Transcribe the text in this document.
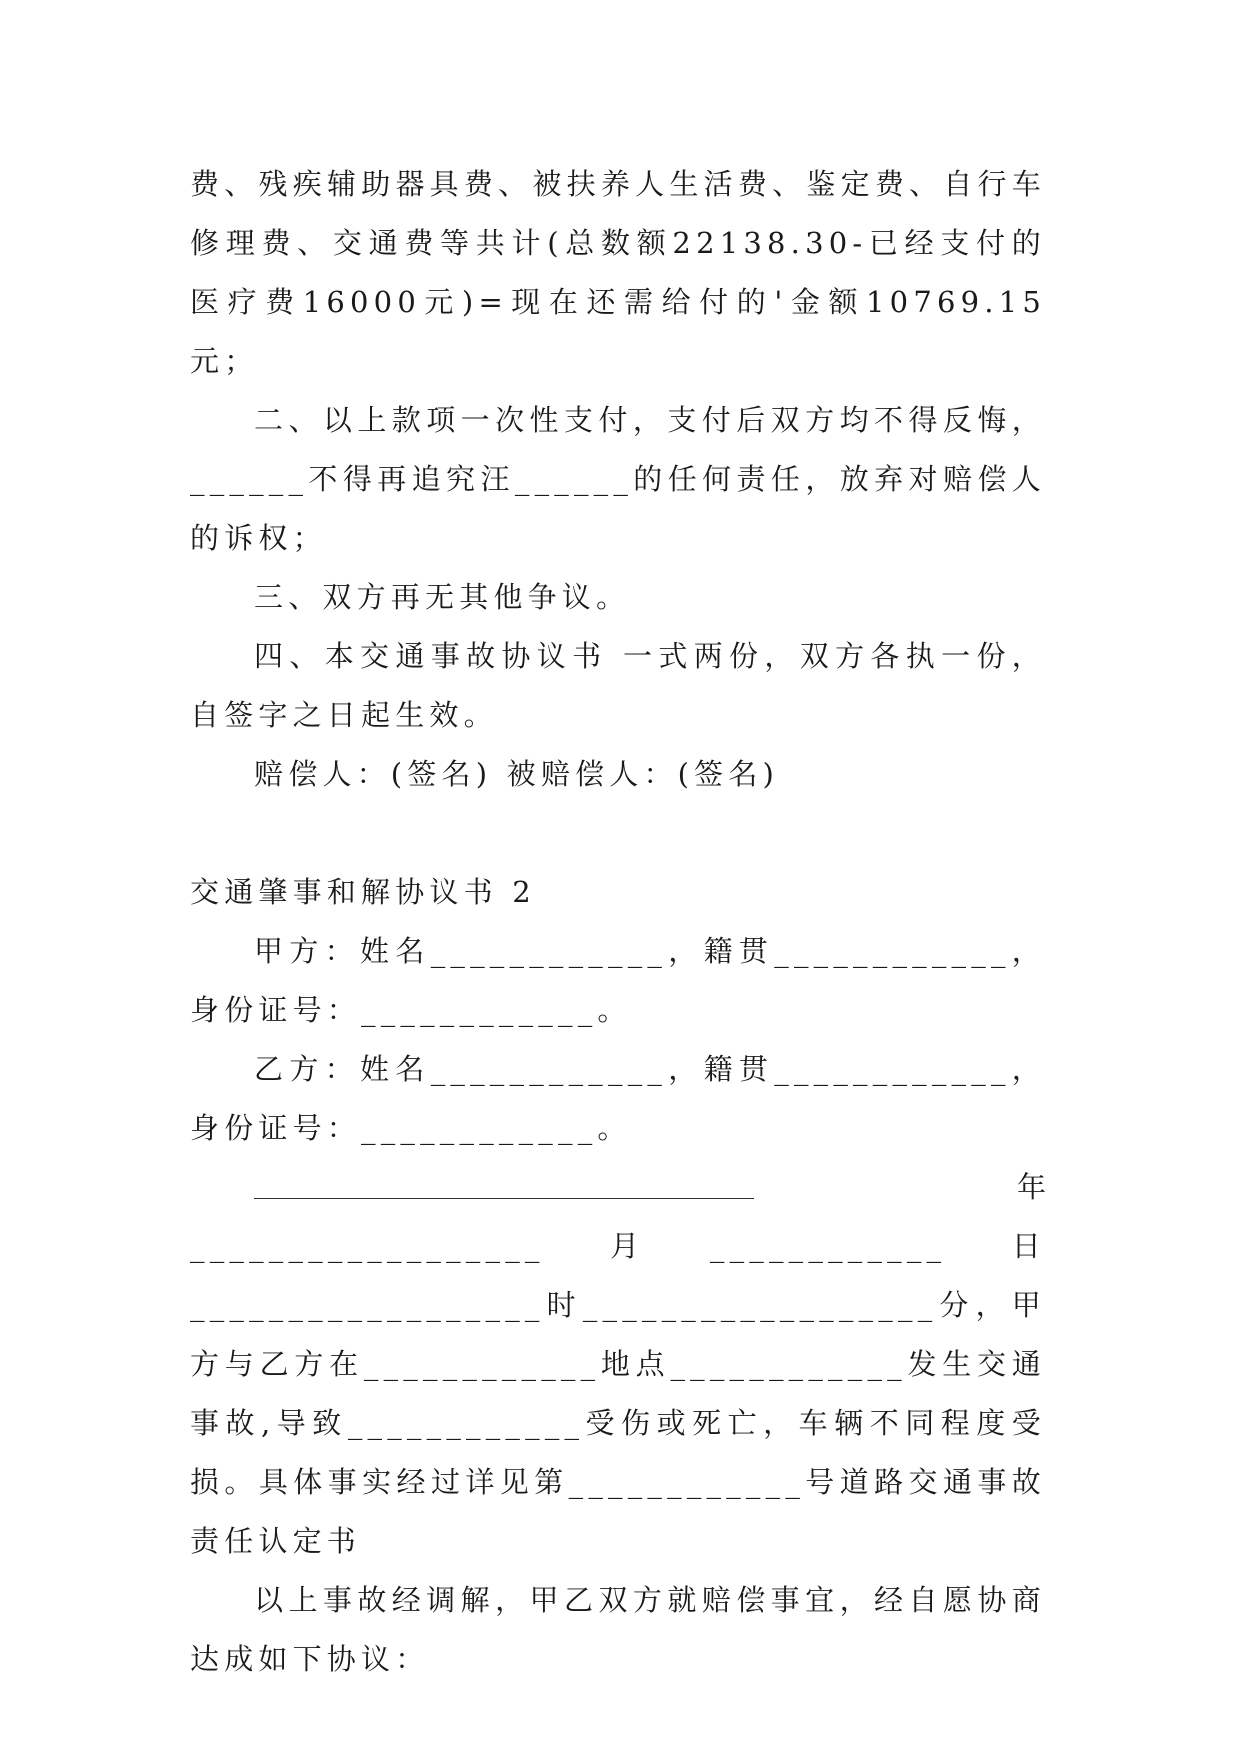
费、残疾辅助器具费、被扶养人生活费、鉴定费、自行车修理费、交通费等共计(总数额22138.30-已经支付的医疗费16000元)=现在还需给付的'金额10769.15元；

二、以上款项一次性支付，支付后双方均不得反悔，______不得再追究汪______的任何责任，放弃对赔偿人的诉权；

三、双方再无其他争议。

四、本交通事故协议书 一式两份，双方各执一份，自签字之日起生效。

赔偿人：(签名) 被赔偿人：(签名)

交通肇事和解协议书 2

甲方：姓名____________，籍贯____________，身份证号：____________。

乙方：姓名____________，籍贯____________，身份证号：____________。

年

__________________月____________日__________________时__________________分，甲方与乙方在____________地点____________发生交通事故,导致____________受伤或死亡，车辆不同程度受损。具体事实经过详见第____________号道路交通事故责任认定书

以上事故经调解，甲乙双方就赔偿事宜，经自愿协商达成如下协议：
